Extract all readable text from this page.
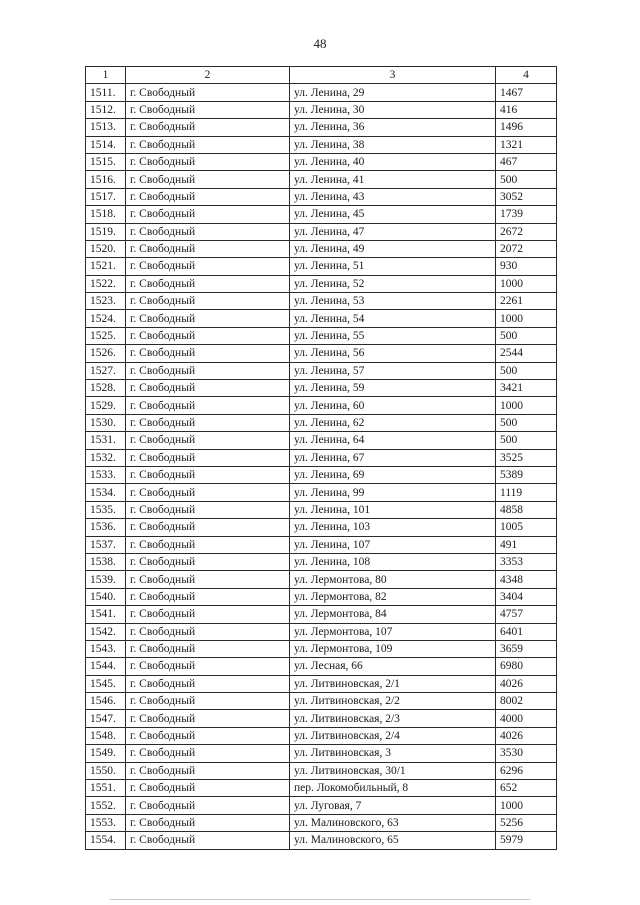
48
1	2	3	4
1511.	г. Свободный	ул. Ленина, 29	1467
1512.	г. Свободный	ул. Ленина, 30	416
1513.	г. Свободный	ул. Ленина, 36	1496
1514.	г. Свободный	ул. Ленина, 38	1321
1515.	г. Свободный	ул. Ленина, 40	467
1516.	г. Свободный	ул. Ленина, 41	500
1517.	г. Свободный	ул. Ленина, 43	3052
1518.	г. Свободный	ул. Ленина, 45	1739
1519.	г. Свободный	ул. Ленина, 47	2672
1520.	г. Свободный	ул. Ленина, 49	2072
1521.	г. Свободный	ул. Ленина, 51	930
1522.	г. Свободный	ул. Ленина, 52	1000
1523.	г. Свободный	ул. Ленина, 53	2261
1524.	г. Свободный	ул. Ленина, 54	1000
1525.	г. Свободный	ул. Ленина, 55	500
1526.	г. Свободный	ул. Ленина, 56	2544
1527.	г. Свободный	ул. Ленина, 57	500
1528.	г. Свободный	ул. Ленина, 59	3421
1529.	г. Свободный	ул. Ленина, 60	1000
1530.	г. Свободный	ул. Ленина, 62	500
1531.	г. Свободный	ул. Ленина, 64	500
1532.	г. Свободный	ул. Ленина, 67	3525
1533.	г. Свободный	ул. Ленина, 69	5389
1534.	г. Свободный	ул. Ленина, 99	1119
1535.	г. Свободный	ул. Ленина, 101	4858
1536.	г. Свободный	ул. Ленина, 103	1005
1537.	г. Свободный	ул. Ленина, 107	491
1538.	г. Свободный	ул. Ленина, 108	3353
1539.	г. Свободный	ул. Лермонтова, 80	4348
1540.	г. Свободный	ул. Лермонтова, 82	3404
1541.	г. Свободный	ул. Лермонтова, 84	4757
1542.	г. Свободный	ул. Лермонтова, 107	6401
1543.	г. Свободный	ул. Лермонтова, 109	3659
1544.	г. Свободный	ул. Лесная, 66	6980
1545.	г. Свободный	ул. Литвиновская, 2/1	4026
1546.	г. Свободный	ул. Литвиновская, 2/2	8002
1547.	г. Свободный	ул. Литвиновская, 2/3	4000
1548.	г. Свободный	ул. Литвиновская, 2/4	4026
1549.	г. Свободный	ул. Литвиновская, 3	3530
1550.	г. Свободный	ул. Литвиновская, 30/1	6296
1551.	г. Свободный	пер. Локомобильный, 8	652
1552.	г. Свободный	ул. Луговая, 7	1000
1553.	г. Свободный	ул. Малиновского, 63	5256
1554.	г. Свободный	ул. Малиновского, 65	5979
